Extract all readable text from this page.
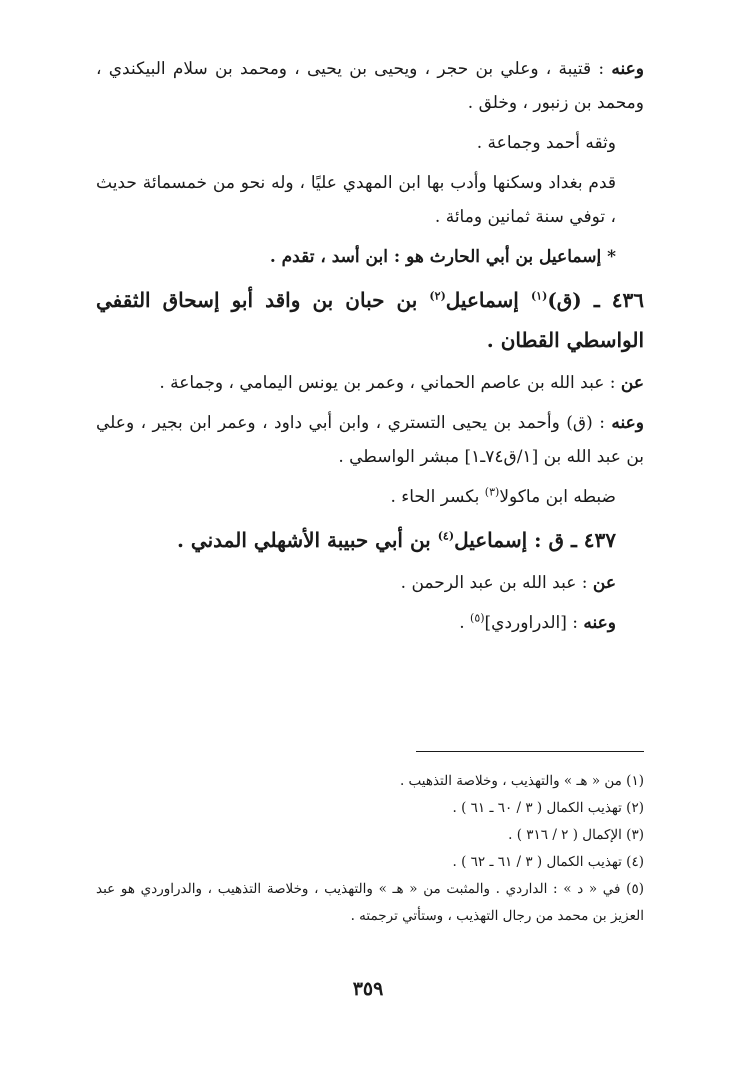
وعنه : قتيبة ، وعلي بن حجر ، ويحيى بن يحيى ، ومحمد بن سلام البيكندي ، ومحمد بن زنبور ، وخلق .

وثقه أحمد وجماعة .

قدم بغداد وسكنها وأدب بها ابن المهدي عليًا ، وله نحو من خمسمائة حديث ، توفي سنة ثمانين ومائة .

* إسماعيل بن أبي الحارث هو : ابن أسد ، تقدم .

٤٣٦ ـ (ق)$^{(١)}$ إسماعيل$^{(٢)}$ بن حبان بن واقد أبو إسحاق الثقفي الواسطي القطان .

عن : عبد الله بن عاصم الحماني ، وعمر بن يونس اليمامي ، وجماعة .

وعنه : (ق) وأحمد بن يحيى التستري ، وابن أبي داود ، وعمر ابن بجير ، وعلي بن عبد الله بن [١/ق٧٤ـ١] مبشر الواسطي .

ضبطه ابن ماكولا$^{(٣)}$ بكسر الحاء .

٤٣٧ ـ ق : إسماعيل$^{(٤)}$ بن أبي حبيبة الأشهلي المدني .

عن : عبد الله بن عبد الرحمن .

وعنه : [الدراوردي]$^{(٥)}$ .

(١) من « هـ » والتهذيب ، وخلاصة التذهيب .

(٢) تهذيب الكمال ( ٣ / ٦٠ ـ ٦١ ) .

(٣) الإكمال ( ٢ / ٣١٦ ) .

(٤) تهذيب الكمال ( ٣ / ٦١ ـ ٦٢ ) .

(٥) في « د » : الداردي . والمثبت من « هـ » والتهذيب ، وخلاصة التذهيب ، والدراوردي هو عبد العزيز بن محمد من رجال التهذيب ، وستأتي ترجمته .

٣٥٩
